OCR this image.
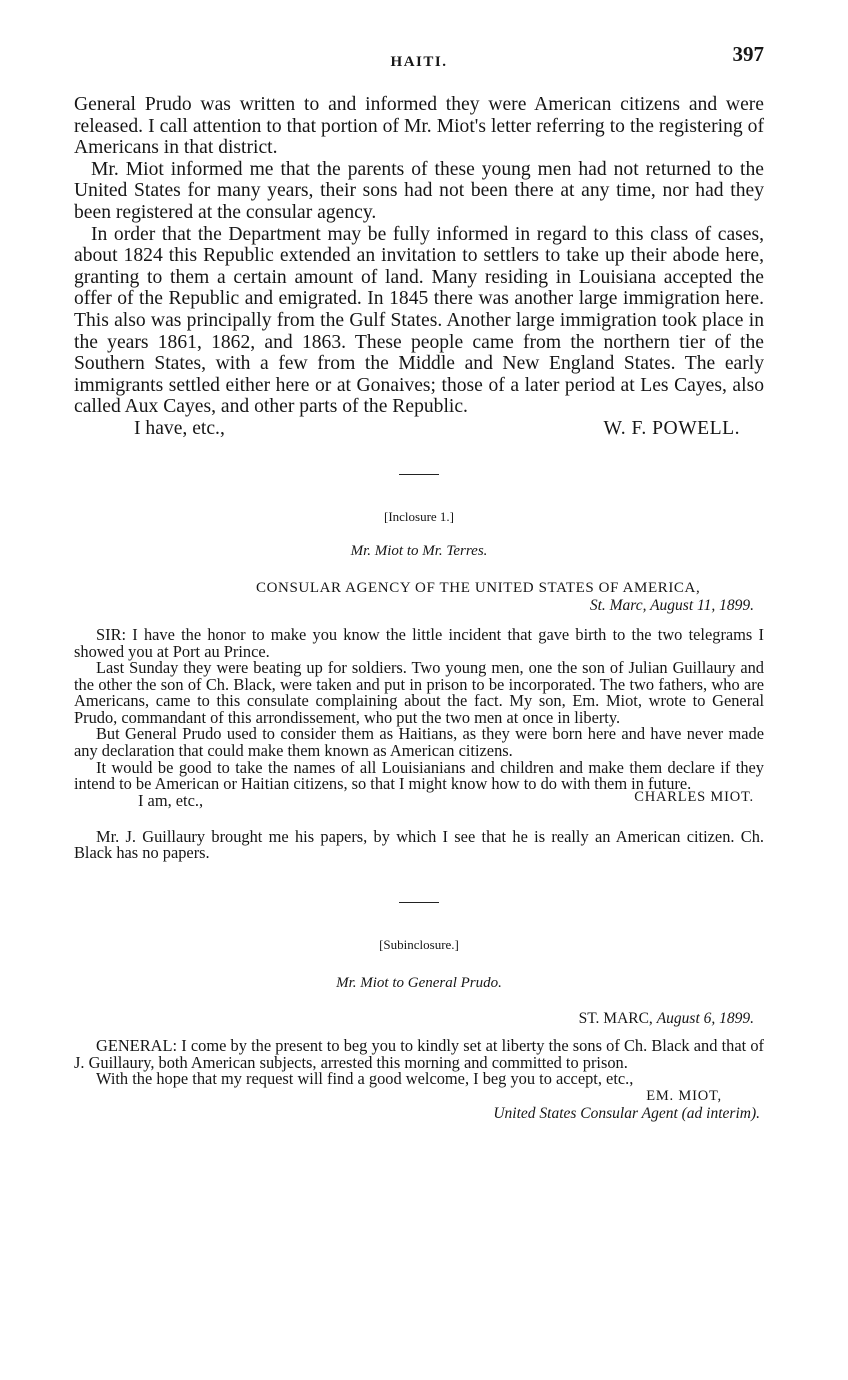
HAITI.	397

General Prudo was written to and informed they were American citizens and were released. I call attention to that portion of Mr. Miot's letter referring to the registering of Americans in that district.

Mr. Miot informed me that the parents of these young men had not returned to the United States for many years, their sons had not been there at any time, nor had they been registered at the consular agency.

In order that the Department may be fully informed in regard to this class of cases, about 1824 this Republic extended an invitation to settlers to take up their abode here, granting to them a certain amount of land. Many residing in Louisiana accepted the offer of the Republic and emigrated. In 1845 there was another large immigration here. This also was principally from the Gulf States. Another large immigration took place in the years 1861, 1862, and 1863. These people came from the northern tier of the Southern States, with a few from the Middle and New England States. The early immigrants settled either here or at Gonaives; those of a later period at Les Cayes, also called Aux Cayes, and other parts of the Republic.

I have, etc.,	W. F. POWELL.
[Inclosure 1.]
Mr. Miot to Mr. Terres.
CONSULAR AGENCY OF THE UNITED STATES OF AMERICA,
St. Marc, August 11, 1899.

SIR: I have the honor to make you know the little incident that gave birth to the two telegrams I showed you at Port au Prince.

Last Sunday they were beating up for soldiers. Two young men, one the son of Julian Guillaury and the other the son of Ch. Black, were taken and put in prison to be incorporated. The two fathers, who are Americans, came to this consulate complaining about the fact. My son, Em. Miot, wrote to General Prudo, commandant of this arrondissement, who put the two men at once in liberty.

But General Prudo used to consider them as Haitians, as they were born here and have never made any declaration that could make them known as American citizens.

It would be good to take the names of all Louisianians and children and make them declare if they intend to be American or Haitian citizens, so that I might know how to do with them in future.

I am, etc.,	CHARLES MIOT.

Mr. J. Guillaury brought me his papers, by which I see that he is really an American citizen. Ch. Black has no papers.

[Subinclosure.]
Mr. Miot to General Prudo.
ST. MARC, August 6, 1899.

GENERAL: I come by the present to beg you to kindly set at liberty the sons of Ch. Black and that of J. Guillaury, both American subjects, arrested this morning and committed to prison.

With the hope that my request will find a good welcome, I beg you to accept, etc.,

EM. MIOT,
United States Consular Agent (ad interim).
